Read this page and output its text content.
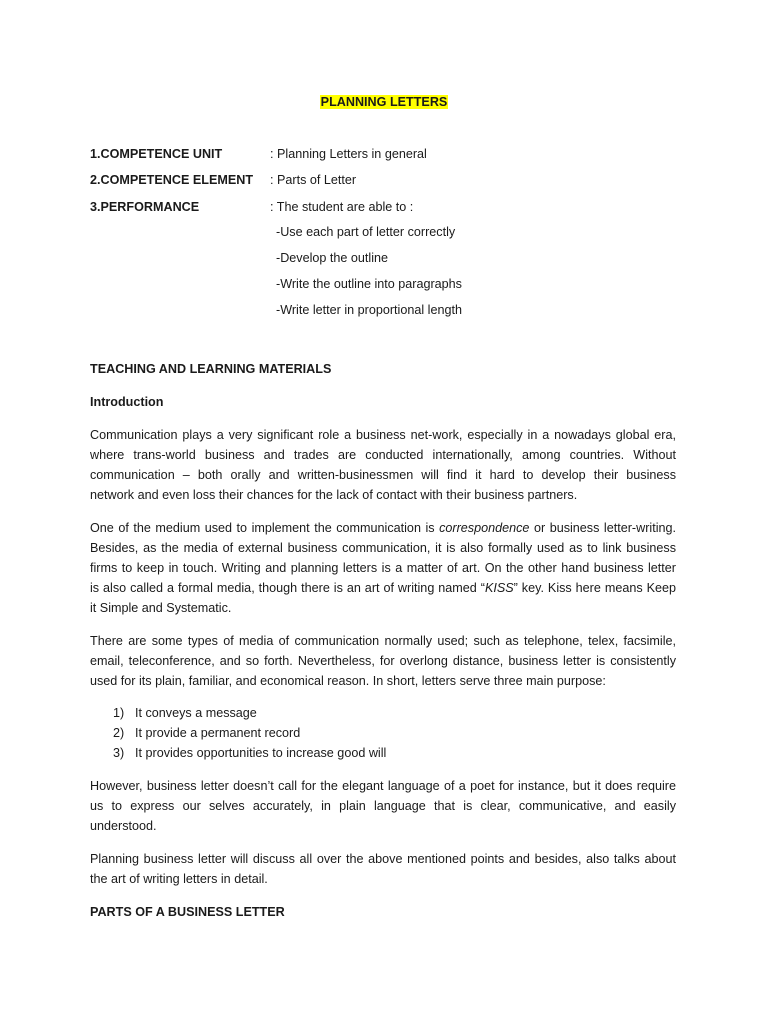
PLANNING LETTERS
1.COMPETENCE UNIT	: Planning Letters in general
2.COMPETENCE ELEMENT : Parts of Letter
3.PERFORMANCE	: The student are able to :
-Use each part of letter correctly
-Develop the outline
-Write the outline into paragraphs
-Write letter in proportional length
TEACHING AND LEARNING MATERIALS
Introduction
Communication plays a very significant role a business net-work, especially in a nowadays global era,
where trans-world business and trades are conducted internationally, among countries. Without
communication – both orally and written-businessmen will find it hard to develop their business
network and even loss their chances for the lack of contact with their business partners.
One of the medium used to implement the communication is correspondence or business letter-writing.
Besides, as the media of external business communication, it is also formally used as to link business
firms to keep in touch. Writing and planning letters is a matter of art. On the other hand business letter
is also called a formal media, though there is an art of writing named “KISS” key. Kiss here means Keep
it Simple and Systematic.
There are some types of media of communication normally used; such as telephone, telex, facsimile,
email, teleconference, and so forth. Nevertheless, for overlong distance, business letter is consistently
used for its plain, familiar, and economical reason. In short, letters serve three main purpose:
1) It conveys a message
2) It provide a permanent record
3) It provides opportunities to increase good will
However, business letter doesn’t call for the elegant language of a poet for instance, but it does require
us to express our selves accurately, in plain language that is clear, communicative, and easily
understood.
Planning business letter will discuss all over the above mentioned points and besides, also talks about
the art of writing letters in detail.
PARTS OF A BUSINESS LETTER
